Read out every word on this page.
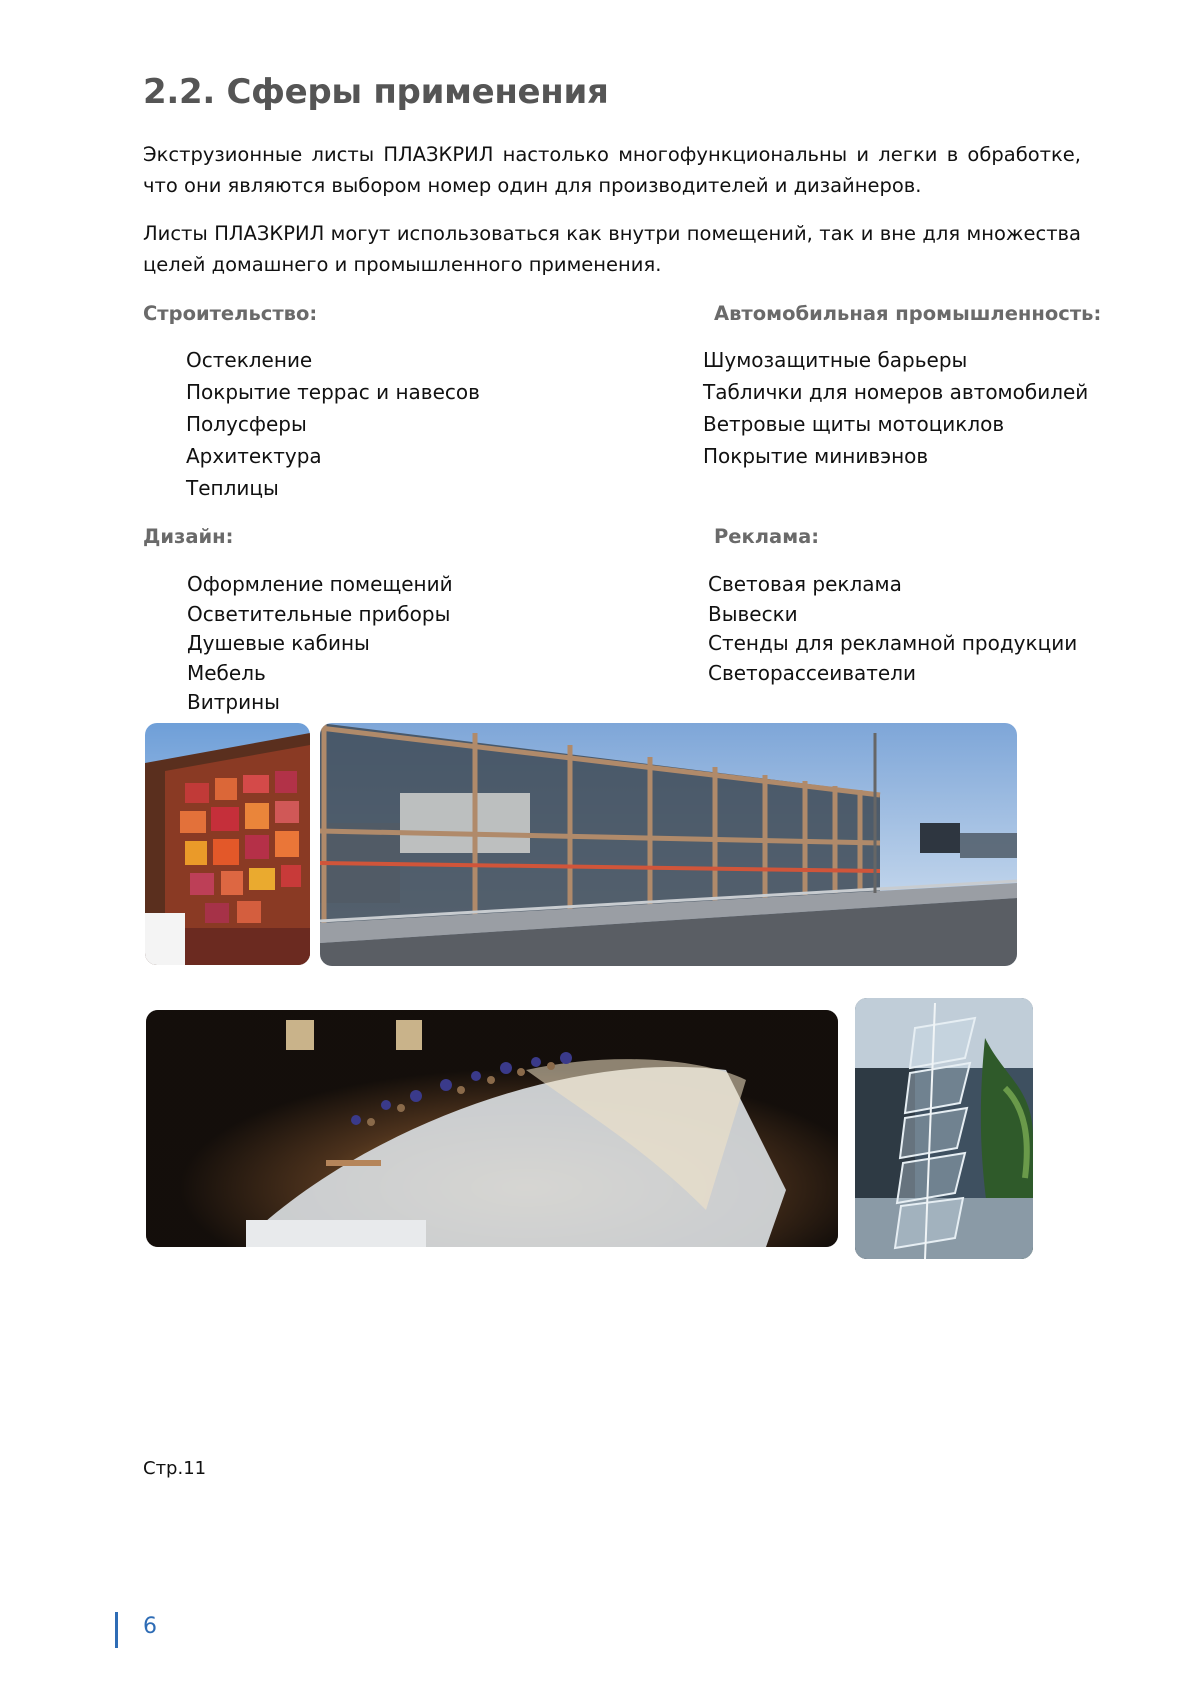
2.2. Сферы применения

Экструзионные листы ПЛАЗКРИЛ настолько многофункциональны и легки в обработке, что они являются выбором номер один для производителей и дизайнеров.

Листы ПЛАЗКРИЛ могут использоваться как внутри помещений, так и вне для множества целей домашнего и промышленного применения.

Строительство:

Остекление
Покрытие террас и навесов
Полусферы
Архитектура
Теплицы

Автомобильная промышленность:

Шумозащитные барьеры
Таблички для номеров автомобилей
Ветровые щиты мотоциклов
Покрытие минивэнов

Дизайн:

Оформление помещений
Осветительные приборы
Душевые кабины
Мебель
Витрины

Реклама:

Световая реклама
Вывески
Стенды для рекламной продукции
Светорассеиватели

Стр.11

6
